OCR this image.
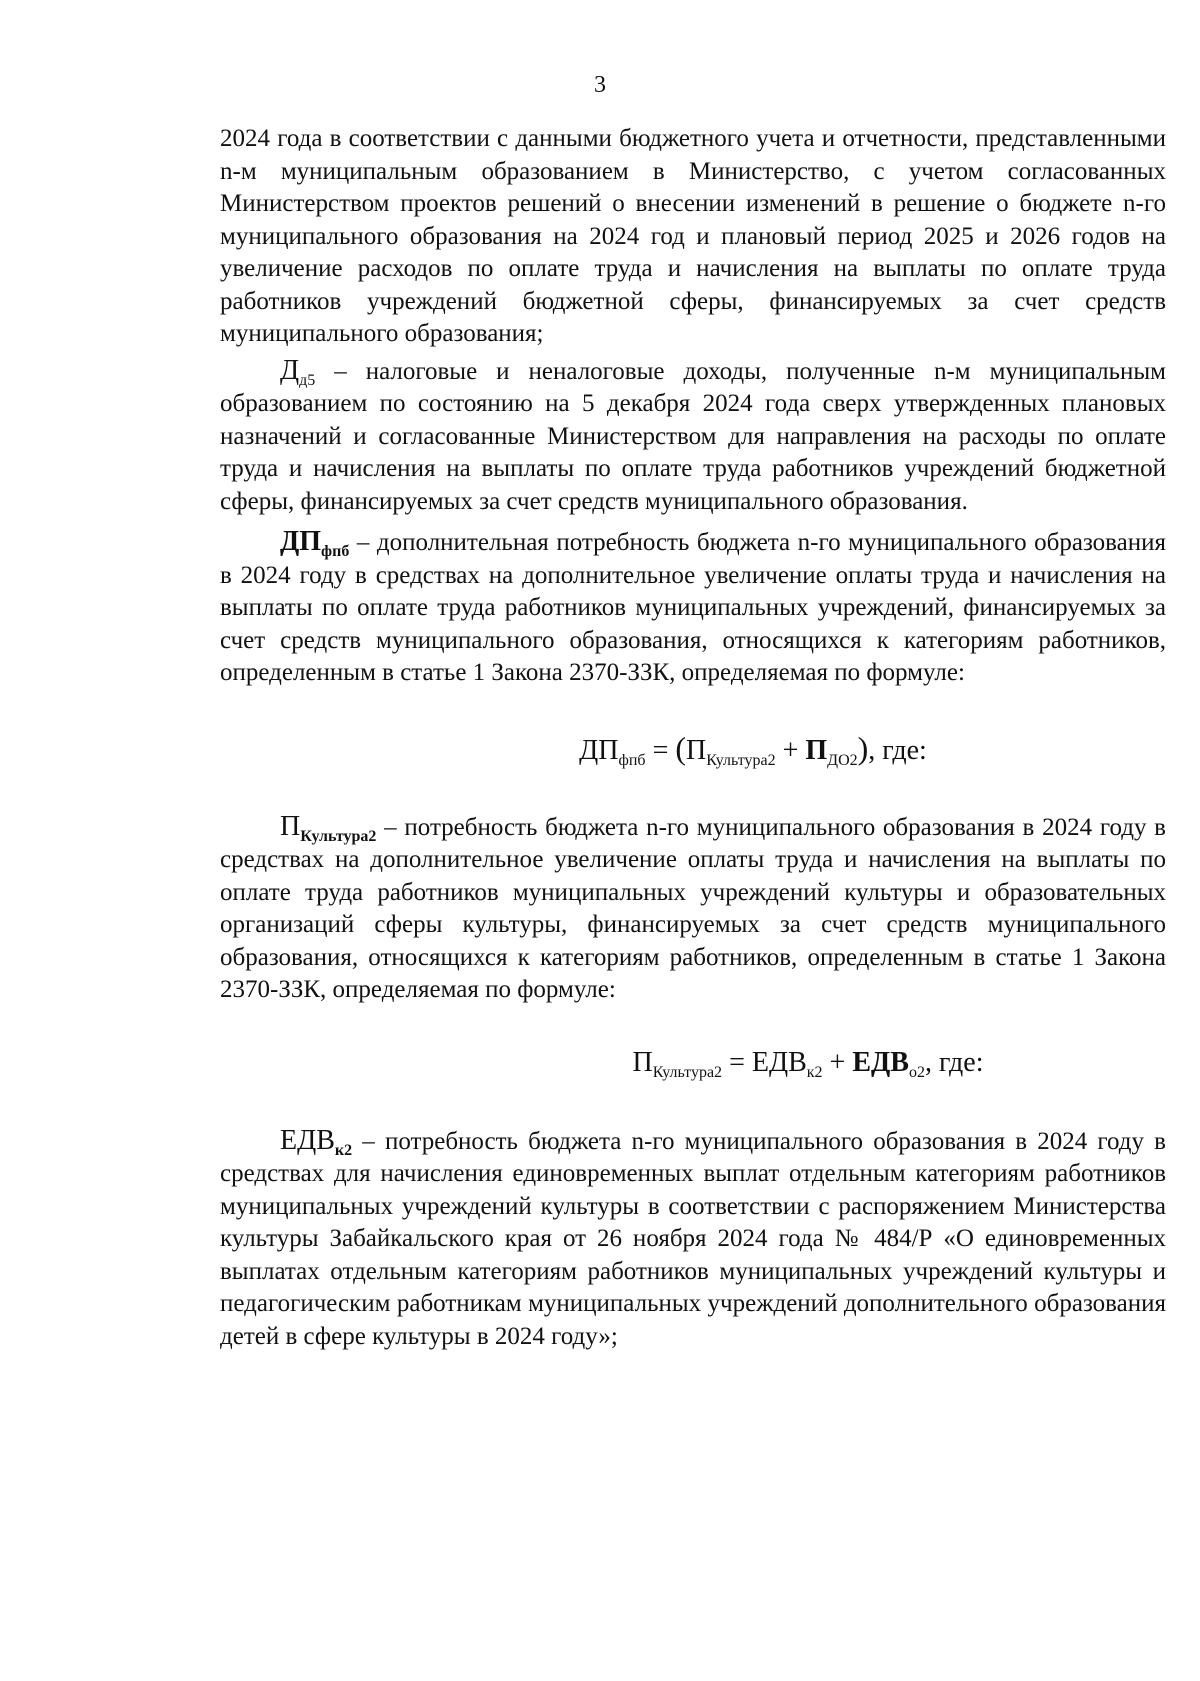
3

2024 года в соответствии с данными бюджетного учета и отчетности, представленными n-м муниципальным образованием в Министерство, с учетом согласованных Министерством проектов решений о внесении изменений в решение о бюджете n-го муниципального образования на 2024 год и плановый период 2025 и 2026 годов на увеличение расходов по оплате труда и начисления на выплаты по оплате труда работников учреждений бюджетной сферы, финансируемых за счет средств муниципального образования;

$Д_{д5}$ – налоговые и неналоговые доходы, полученные n-м муниципальным образованием по состоянию на 5 декабря 2024 года сверх утвержденных плановых назначений и согласованные Министерством для направления на расходы по оплате труда и начисления на выплаты по оплате труда работников учреждений бюджетной сферы, финансируемых за счет средств муниципального образования.

$ДП_{фпб}$ – дополнительная потребность бюджета n-го муниципального образования в 2024 году в средствах на дополнительное увеличение оплаты труда и начисления на выплаты по оплате труда работников муниципальных учреждений, финансируемых за счет средств муниципального образования, относящихся к категориям работников, определенным в статье 1 Закона 2370-ЗЗК, определяемая по формуле:

$ДП_{фпб} = (П_{Культура2} + П_{ДО2})$, где:

$П_{Культура2}$ – потребность бюджета n-го муниципального образования в 2024 году в средствах на дополнительное увеличение оплаты труда и начисления на выплаты по оплате труда работников муниципальных учреждений культуры и образовательных организаций сферы культуры, финансируемых за счет средств муниципального образования, относящихся к категориям работников, определенным в статье 1 Закона 2370-ЗЗК, определяемая по формуле:

$П_{Культура2} = ЕДВ_{к2} + ЕДВ_{о2}$, где:

$ЕДВ_{к2}$ – потребность бюджета n-го муниципального образования в 2024 году в средствах для начисления единовременных выплат отдельным категориям работников муниципальных учреждений культуры в соответствии с распоряжением Министерства культуры Забайкальского края от 26 ноября 2024 года № 484/Р «О единовременных выплатах отдельным категориям работников муниципальных учреждений культуры и педагогическим работникам муниципальных учреждений дополнительного образования детей в сфере культуры в 2024 году»;
